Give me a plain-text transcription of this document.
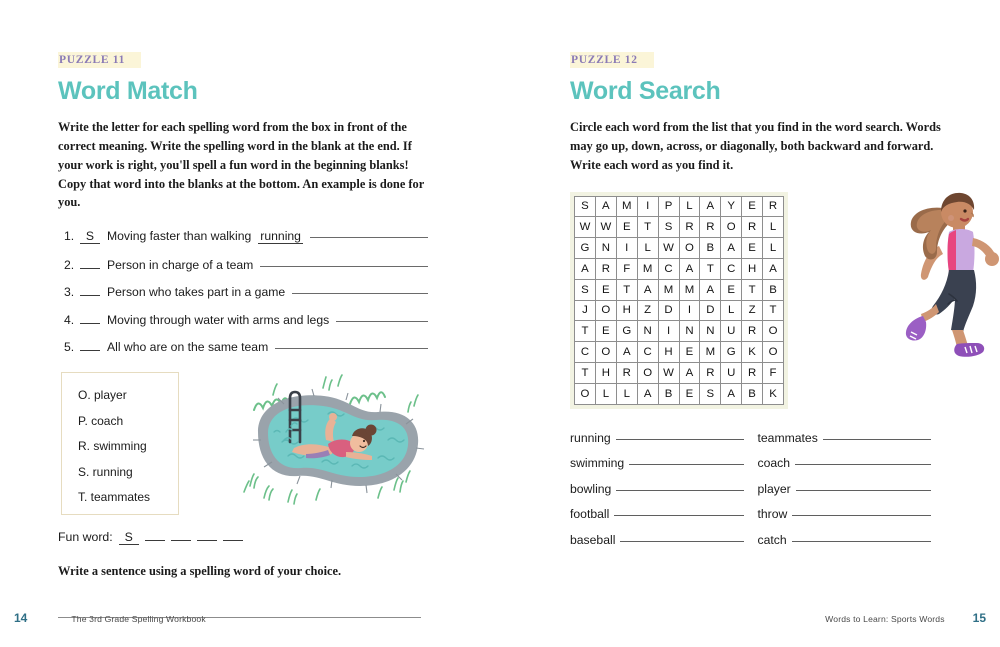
PUZZLE 11
Word Match
Write the letter for each spelling word from the box in front of the correct meaning. Write the spelling word in the blank at the end. If your work is right, you'll spell a fun word in the beginning blanks! Copy that word into the blanks at the bottom. An example is done for you.
1. S	Moving faster than walking running
2.	Person in charge of a team
3.	Person who takes part in a game
4.	Moving through water with arms and legs
5.	All who are on the same team
O. player
P. coach
R. swimming
S. running
T. teammates
Fun word: S
Write a sentence using a spelling word of your choice.
14	The 3rd Grade Spelling Workbook
PUZZLE 12
Word Search
Circle each word from the list that you find in the word search. Words may go up, down, across, or diagonally, both backward and forward. Write each word as you find it.
S	A	M	I	P	L	A	Y	E	R
W	W	E	T	S	R	R	O	R	L
G	N	I	L	W	O	B	A	E	L
A	R	F	M	C	A	T	C	H	A
S	E	T	A	M	M	A	E	T	B
J	O	H	Z	D	I	D	L	Z	T
T	E	G	N	I	N	N	U	R	O
C	O	A	C	H	E	M	G	K	O
T	H	R	O	W	A	R	U	R	F
O	L	L	A	B	E	S	A	B	K
running	teammates
swimming	coach
bowling	player
football	throw
baseball	catch
Words to Learn: Sports Words 15
